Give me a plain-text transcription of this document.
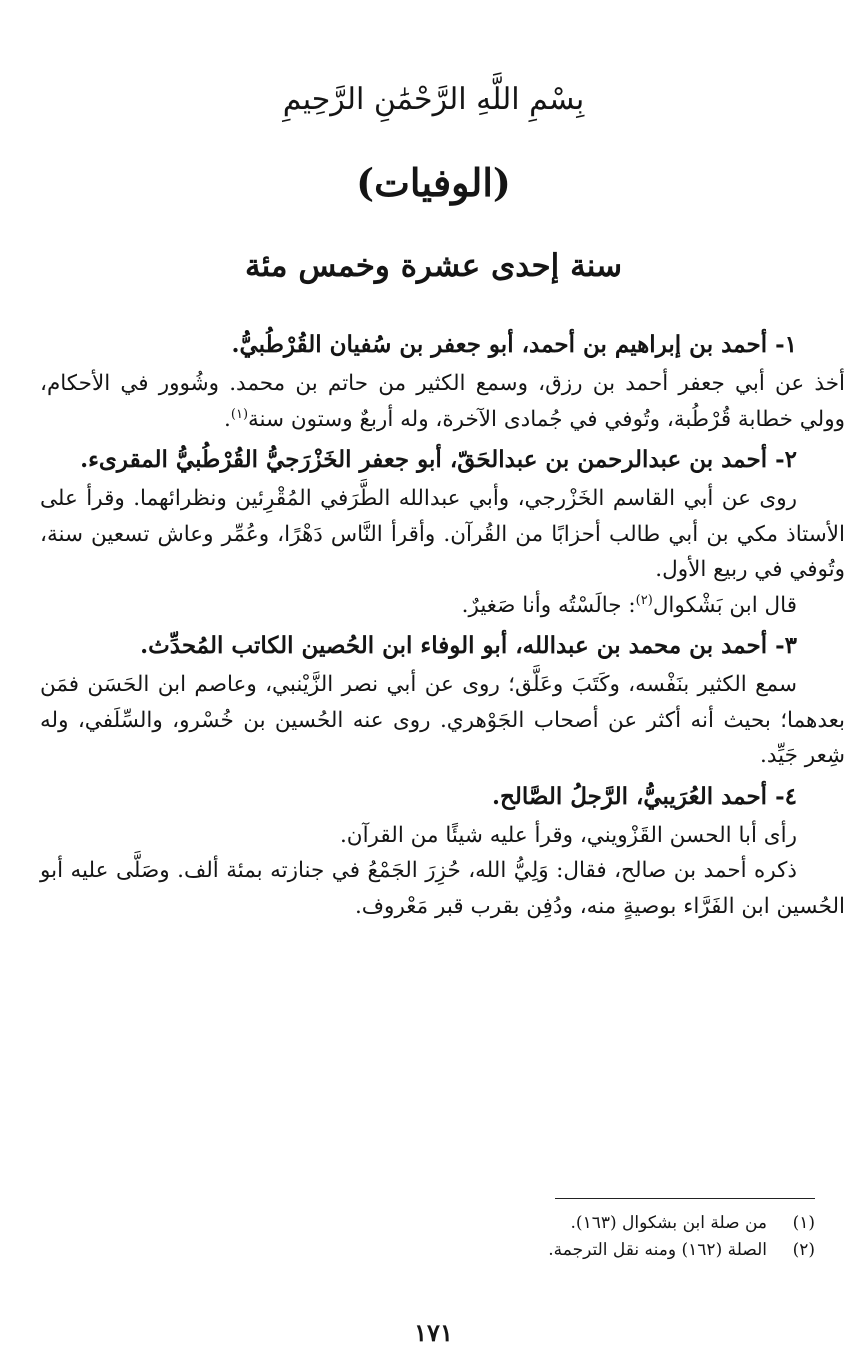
بِسْمِ اللَّهِ الرَّحْمَٰنِ الرَّحِيمِ
(الوفيات)
سنة إحدى عشرة وخمس مئة

١- أحمد بن إبراهيم بن أحمد، أبو جعفر بن سُفيان القُرْطُبيُّ.

أخذ عن أبي جعفر أحمد بن رزق، وسمع الكثير من حاتم بن محمد. وشُوور في الأحكام، وولي خطابة قُرْطُبة، وتُوفي في جُمادى الآخرة، وله أربعٌ وستون سنة$^{(١)}$.

٢- أحمد بن عبدالرحمن بن عبدالحَقّ، أبو جعفر الخَزْرَجيُّ القُرْطُبيُّ المقرىء.

روى عن أبي القاسم الخَزْرجي، وأبي عبدالله الطَّرَفي المُقْرِئين ونظرائهما. وقرأ على الأستاذ مكي بن أبي طالب أحزابًا من القُرآن. وأقرأ النَّاس دَهْرًا، وعُمِّر وعاش تسعين سنة، وتُوفي في ربيع الأول.

قال ابن بَشْكوال$^{(٢)}$: جالَسْتُه وأنا صَغيرٌ.

٣- أحمد بن محمد بن عبدالله، أبو الوفاء ابن الحُصين الكاتب المُحدِّث.

سمع الكثير بنَفْسه، وكَتَبَ وعَلَّق؛ روى عن أبي نصر الزَّيْنبي، وعاصم ابن الحَسَن فمَن بعدهما؛ بحيث أنه أكثر عن أصحاب الجَوْهري. روى عنه الحُسين بن خُسْرو، والسِّلَفي، وله شِعر جَيِّد.

٤- أحمد العُرَيبيُّ، الرَّجلُ الصَّالح.

رأى أبا الحسن القَزْويني، وقرأ عليه شيئًا من القرآن.

ذكره أحمد بن صالح، فقال: وَلِيُّ الله، حُزِرَ الجَمْعُ في جنازته بمئة ألف. وصَلَّى عليه أبو الحُسين ابن الفَرَّاء بوصيةٍ منه، ودُفِن بقرب قبر مَعْروف.

(١)من صلة ابن بشكوال (١٦٣).
(٢)الصلة (١٦٢) ومنه نقل الترجمة.
١٧١
